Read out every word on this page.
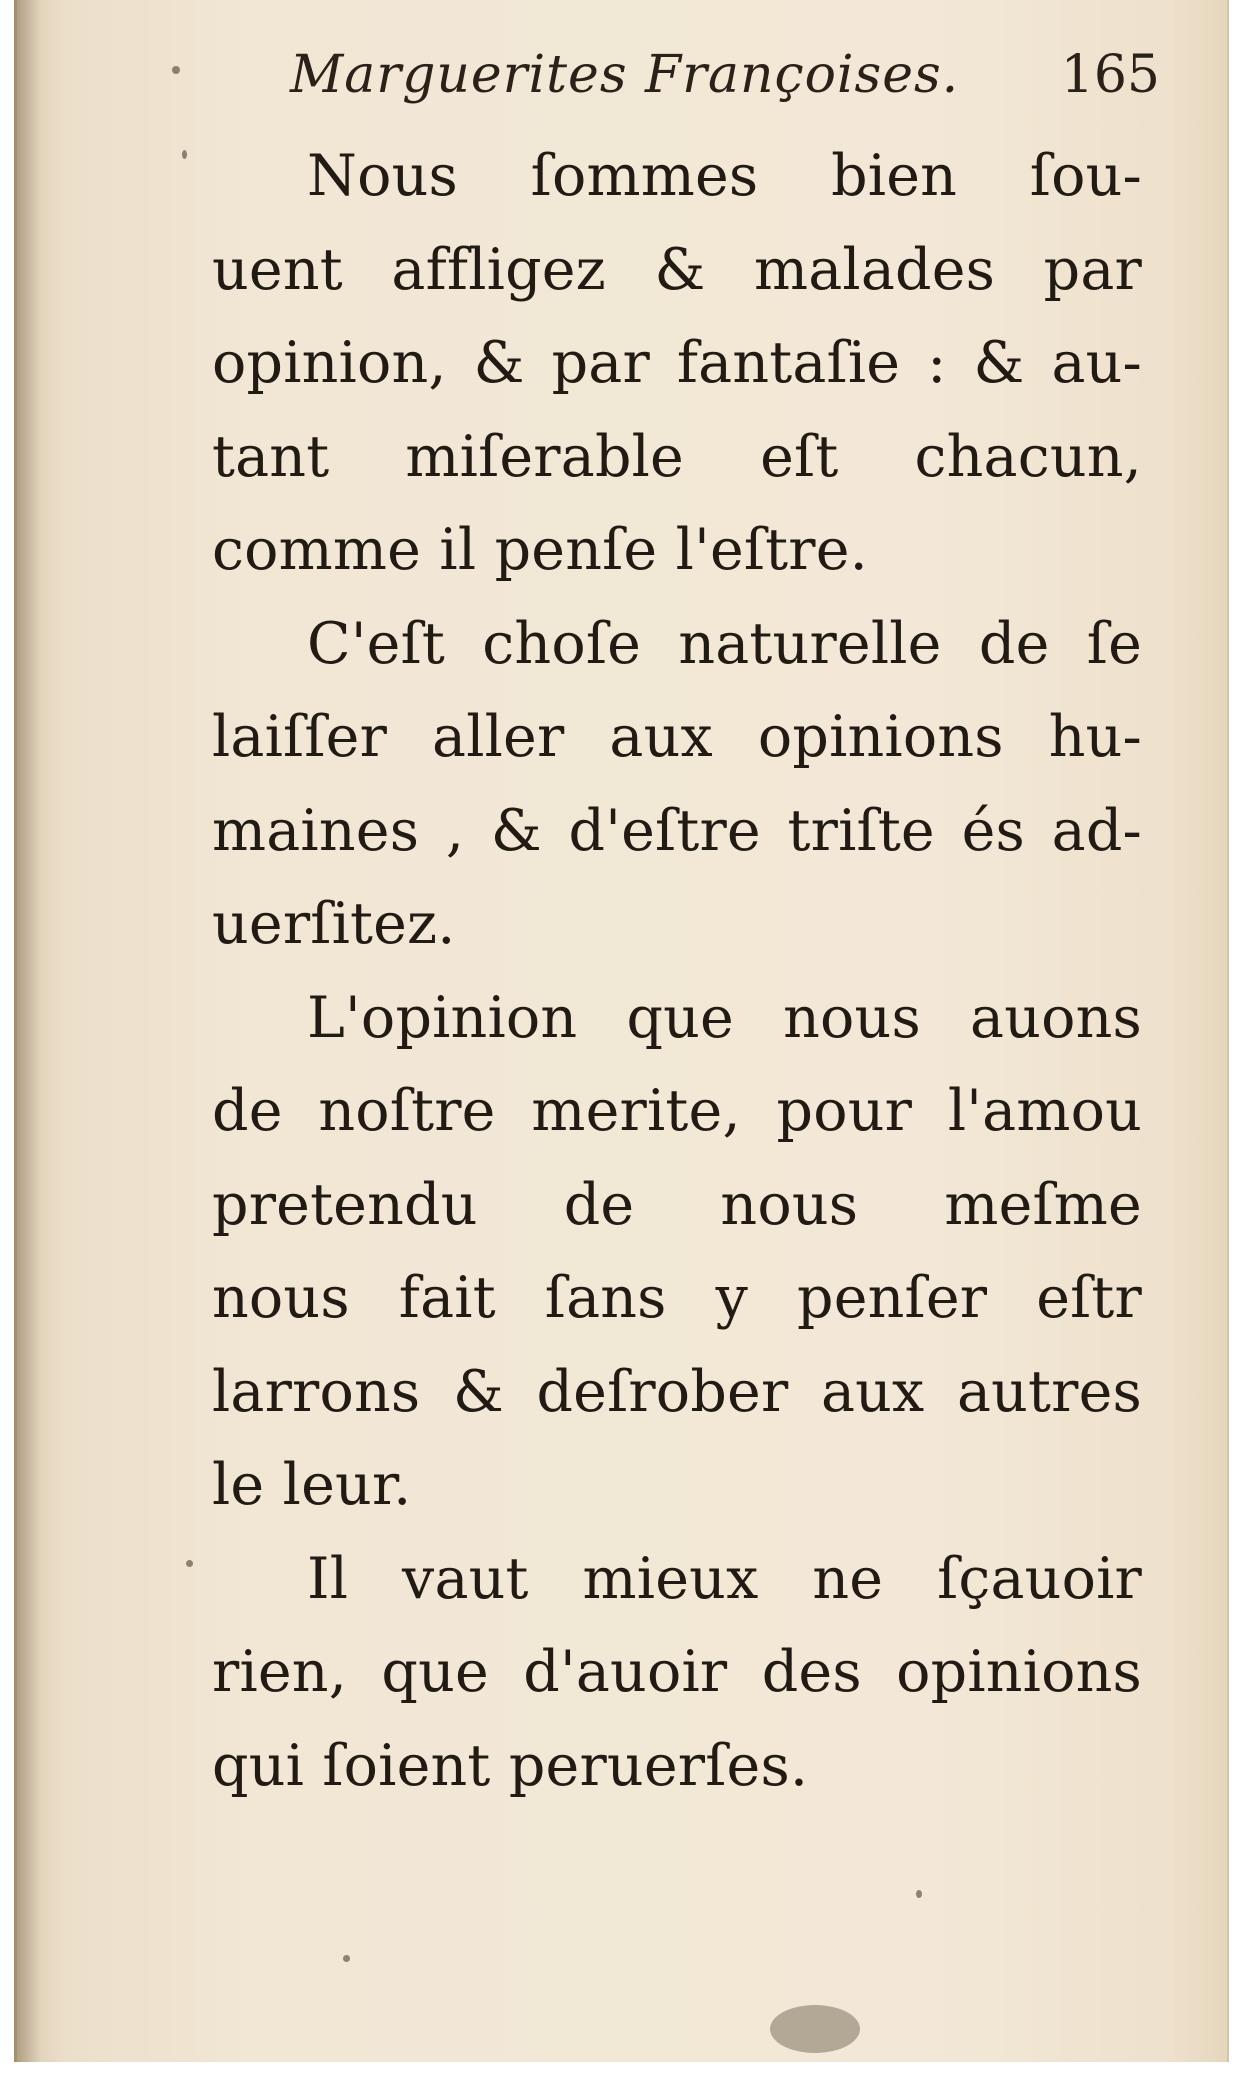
Marguerites Françoises. 165
Nous ſommes bien ſou-
uent affligez & malades par
opinion, & par fantaſie : & au-
tant miſerable eſt chacun,
comme il penſe l'eſtre.
C'eſt choſe naturelle de ſe
laiſſer aller aux opinions hu-
maines , & d'eſtre triſte és ad-
uerſitez.
L'opinion que nous auons
de noſtre merite, pour l'amou
pretendu de nous meſme
nous fait ſans y penſer eſtr
larrons & deſrober aux autres
le leur.
Il vaut mieux ne ſçauoir
rien, que d'auoir des opinions
qui ſoient peruerſes.
